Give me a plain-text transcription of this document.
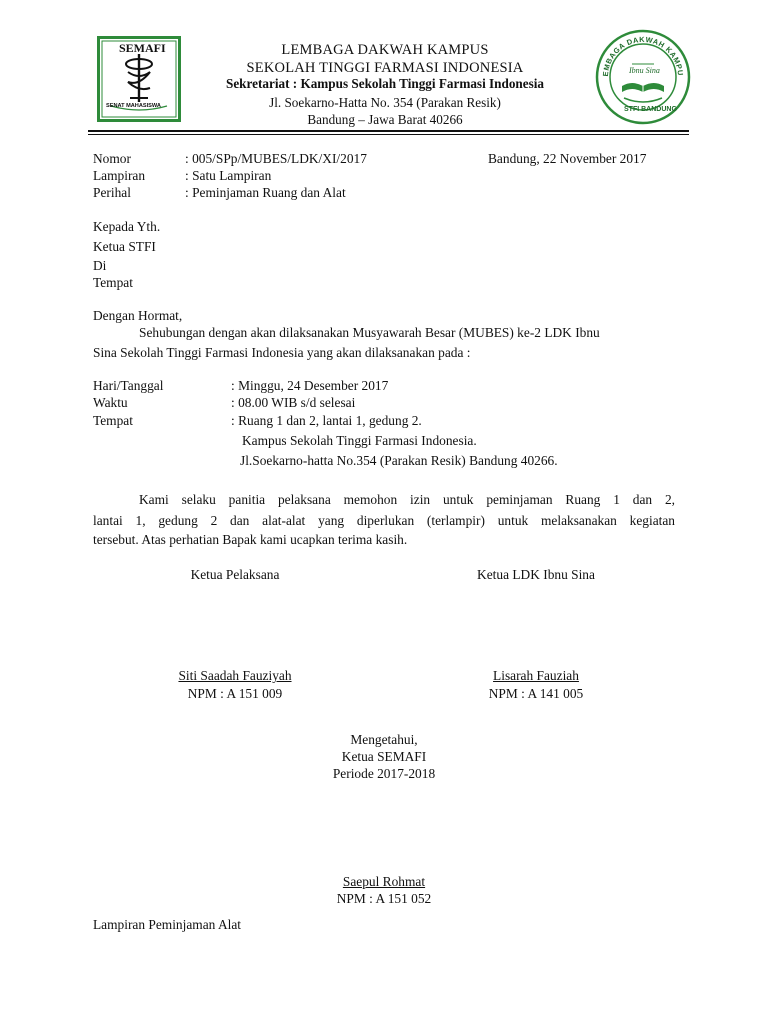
SEMAFI
SENAT MAHASISWA
EMBAGA DAKWAH KAMPU
Ibnu Sina
STFI BANDUNG
LEMBAGA DAKWAH KAMPUS
SEKOLAH TINGGI FARMASI INDONESIA
Sekretariat : Kampus Sekolah Tinggi Farmasi Indonesia
Jl. Soekarno-Hatta No. 354 (Parakan Resik)
Bandung – Jawa Barat 40266
Nomor	: 005/SPp/MUBES/LDK/XI/2017	Bandung, 22 November 2017
Lampiran	: Satu Lampiran
Perihal	: Peminjaman Ruang dan Alat
Kepada Yth.
Ketua STFI
Di
Tempat
Dengan Hormat,
Sehubungan dengan akan dilaksanakan Musyawarah Besar (MUBES) ke-2 LDK Ibnu
Sina Sekolah Tinggi Farmasi Indonesia yang akan dilaksanakan pada :
Hari/Tanggal	: Minggu, 24 Desember 2017
Waktu	: 08.00 WIB s/d selesai
Tempat	: Ruang 1 dan 2, lantai 1, gedung 2.
Kampus Sekolah Tinggi Farmasi Indonesia.
Jl.Soekarno-hatta No.354 (Parakan Resik) Bandung 40266.
Kami selaku panitia pelaksana memohon izin untuk peminjaman Ruang 1 dan 2,
lantai 1, gedung 2 dan alat-alat yang diperlukan (terlampir) untuk melaksanakan kegiatan
tersebut. Atas perhatian Bapak kami ucapkan terima kasih.
Ketua Pelaksana	Ketua LDK Ibnu Sina
Siti Saadah Fauziyah
NPM : A 151 009
Lisarah Fauziah
NPM : A 141 005
Mengetahui,
Ketua SEMAFI
Periode 2017-2018
Saepul Rohmat
NPM : A 151 052
Lampiran Peminjaman Alat
